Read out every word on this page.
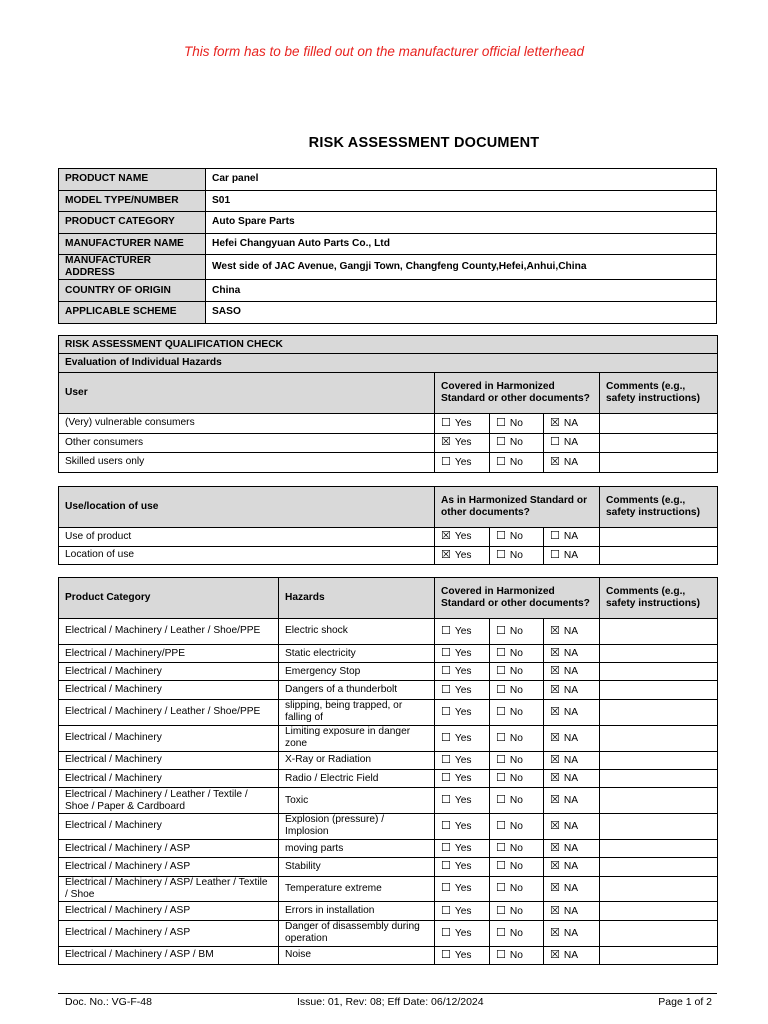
This form has to be filled out on the manufacturer official letterhead
RISK ASSESSMENT DOCUMENT
PRODUCT NAME	Car panel
MODEL TYPE/NUMBER	S01
PRODUCT CATEGORY	Auto Spare Parts
MANUFACTURER NAME	Hefei Changyuan Auto Parts Co., Ltd
MANUFACTURER ADDRESS	West side of JAC Avenue, Gangji Town, Changfeng County,Hefei,Anhui,China
COUNTRY OF ORIGIN	China
APPLICABLE SCHEME	SASO
RISK ASSESSMENT QUALIFICATION CHECK				
Evaluation of Individual Hazards				
User	Covered in Harmonized Standard or other documents?			Comments (e.g., safety instructions)
(Very) vulnerable consumers	☐ Yes	☐ No	☒ NA	
Other consumers	☒ Yes	☐ No	☐ NA	
Skilled users only	☐ Yes	☐ No	☒ NA	
Use/location of use	As in Harmonized Standard or other documents?			Comments (e.g., safety instructions)
Use of product	☒ Yes	☐ No	☐ NA	
Location of use	☒ Yes	☐ No	☐ NA	
Product Category	Hazards	Covered in Harmonized Standard or other documents?			Comments (e.g., safety instructions)
Electrical / Machinery / Leather / Shoe/PPE	Electric shock	☐ Yes	☐ No	☒ NA	
Electrical / Machinery/PPE	Static electricity	☐ Yes	☐ No	☒ NA	
Electrical / Machinery	Emergency Stop	☐ Yes	☐ No	☒ NA	
Electrical / Machinery	Dangers of a thunderbolt	☐ Yes	☐ No	☒ NA	
Electrical / Machinery / Leather / Shoe/PPE	slipping, being trapped, or falling of	☐ Yes	☐ No	☒ NA	
Electrical / Machinery	Limiting exposure in danger zone	☐ Yes	☐ No	☒ NA	
Electrical / Machinery	X-Ray or Radiation	☐ Yes	☐ No	☒ NA	
Electrical / Machinery	Radio / Electric Field	☐ Yes	☐ No	☒ NA	
Electrical / Machinery / Leather / Textile / Shoe / Paper & Cardboard	Toxic	☐ Yes	☐ No	☒ NA	
Electrical / Machinery	Explosion (pressure) / Implosion	☐ Yes	☐ No	☒ NA	
Electrical / Machinery / ASP	moving parts	☐ Yes	☐ No	☒ NA	
Electrical / Machinery / ASP	Stability	☐ Yes	☐ No	☒ NA	
Electrical / Machinery / ASP/ Leather / Textile / Shoe	Temperature extreme	☐ Yes	☐ No	☒ NA	
Electrical / Machinery / ASP	Errors in installation	☐ Yes	☐ No	☒ NA	
Electrical / Machinery / ASP	Danger of disassembly during operation	☐ Yes	☐ No	☒ NA	
Electrical / Machinery / ASP / BM	Noise	☐ Yes	☐ No	☒ NA	
Doc. No.: VG-F-48	Issue: 01, Rev: 08; Eff Date: 06/12/2024	Page 1 of 2
